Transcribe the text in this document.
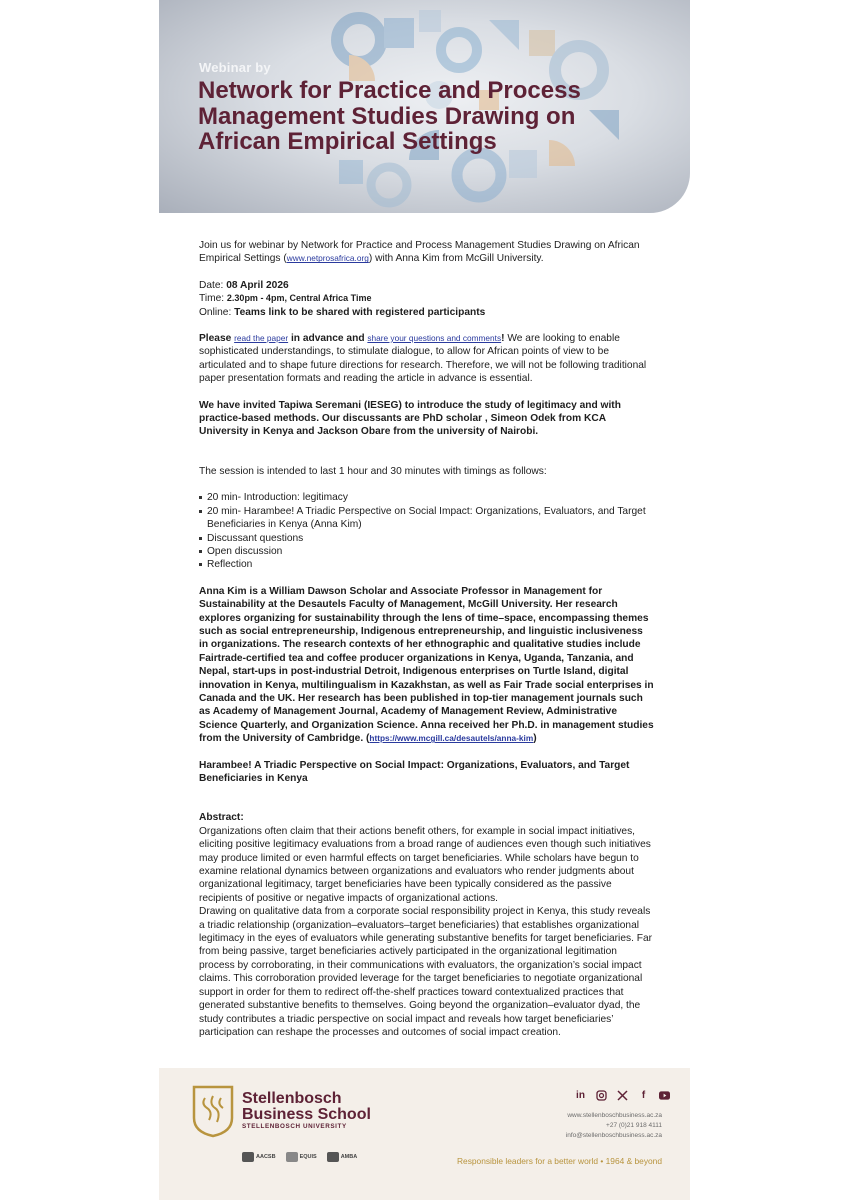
Webinar by
Network for Practice and Process Management Studies Drawing on African Empirical Settings

Join us for webinar by Network for Practice and Process Management Studies Drawing on African Empirical Settings (www.netprosafrica.org) with Anna Kim from McGill University.

Date: 08 April 2026

Time: 2.30pm - 4pm, Central Africa Time

Online: Teams link to be shared with registered participants

Please read the paper in advance and share your questions and comments! We are looking to enable sophisticated understandings, to stimulate dialogue, to allow for African points of view to be articulated and to shape future directions for research. Therefore, we will not be following traditional paper presentation formats and reading the article in advance is essential.

We have invited Tapiwa Seremani (IESEG) to introduce the study of legitimacy and with practice-based methods. Our discussants are PhD scholar , Simeon Odek from KCA University in Kenya and Jackson Obare from the university of Nairobi.

The session is intended to last 1 hour and 30 minutes with timings as follows:

20 min- Introduction: legitimacy
20 min- Harambee! A Triadic Perspective on Social Impact: Organizations, Evaluators, and Target Beneficiaries in Kenya (Anna Kim)
Discussant questions
Open discussion
Reflection

Anna Kim is a William Dawson Scholar and Associate Professor in Management for Sustainability at the Desautels Faculty of Management, McGill University. Her research explores organizing for sustainability through the lens of time–space, encompassing themes such as social entrepreneurship, Indigenous entrepreneurship, and linguistic inclusiveness in organizations. The research contexts of her ethnographic and qualitative studies include Fairtrade-certified tea and coffee producer organizations in Kenya, Uganda, Tanzania, and Nepal, start-ups in post-industrial Detroit, Indigenous enterprises on Turtle Island, digital innovation in Kenya, multilingualism in Kazakhstan, as well as Fair Trade social enterprises in Canada and the UK. Her research has been published in top-tier management journals such as Academy of Management Journal, Academy of Management Review, Administrative Science Quarterly, and Organization Science. Anna received her Ph.D. in management studies from the University of Cambridge. (https://www.mcgill.ca/desautels/anna-kim)

Harambee! A Triadic Perspective on Social Impact: Organizations, Evaluators, and Target Beneficiaries in Kenya

Abstract:

Organizations often claim that their actions benefit others, for example in social impact initiatives, eliciting positive legitimacy evaluations from a broad range of audiences even though such initiatives may produce limited or even harmful effects on target beneficiaries. While scholars have begun to examine relational dynamics between organizations and evaluators who render judgments about organizational legitimacy, target beneficiaries have been typically considered as the passive recipients of positive or negative impacts of organizational actions.

Drawing on qualitative data from a corporate social responsibility project in Kenya, this study reveals a triadic relationship (organization–evaluators–target beneficiaries) that establishes organizational legitimacy in the eyes of evaluators while generating substantive benefits for target beneficiaries. Far from being passive, target beneficiaries actively participated in the organizational legitimation process by corroborating, in their communications with evaluators, the organization’s social impact claims. This corroboration provided leverage for the target beneficiaries to negotiate organizational support in order for them to redirect off-the-shelf practices toward contextualized practices that generated substantive benefits to themselves. Going beyond the organization–evaluator dyad, the study contributes a triadic perspective on social impact and reveals how target beneficiaries’ participation can reshape the processes and outcomes of social impact creation.

Stellenbosch
Business School
STELLENBOSCH UNIVERSITY
AACSB	EQUIS	AMBA
in	f
www.stellenboschbusiness.ac.za
+27 (0)21 918 4111
info@stellenboschbusiness.ac.za
Responsible leaders for a better world • 1964 & beyond
